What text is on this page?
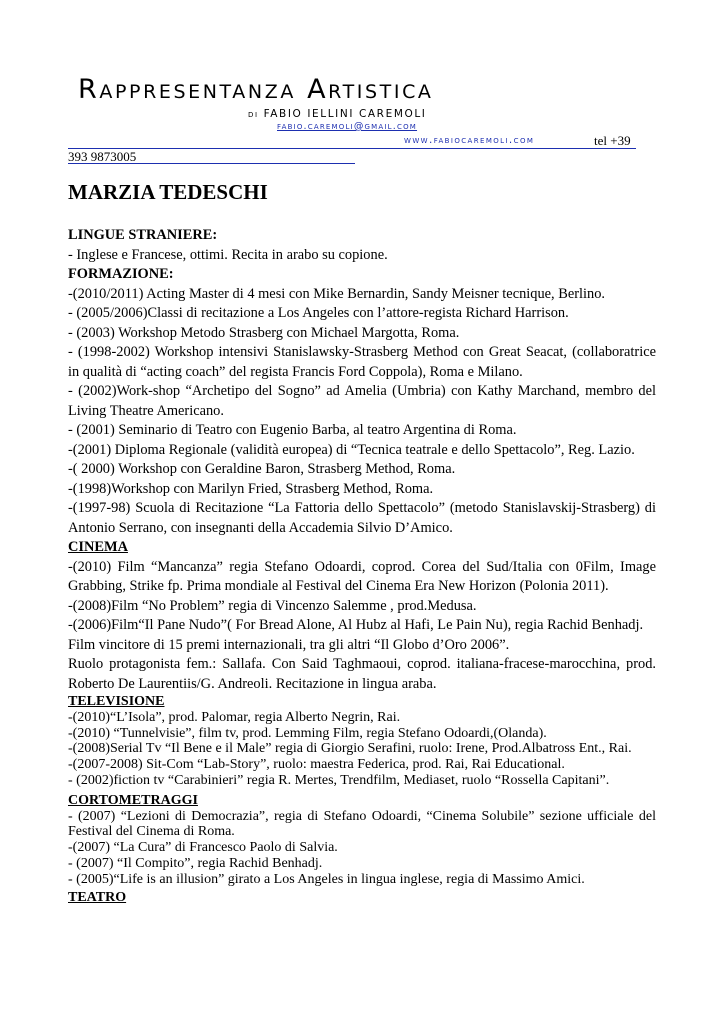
Rappresentanza Artistica
di FABIO IELLINI CAREMOLI
fabio.caremoli@gmail.com
www.fabiocaremoli.com	tel +39
393 9873005
MARZIA TEDESCHI

LINGUE STRANIERE:

- Inglese e Francese, ottimi. Recita in arabo su copione.

FORMAZIONE:

-(2010/2011) Acting Master di 4 mesi con Mike Bernardin, Sandy Meisner tecnique, Berlino.

- (2005/2006)Classi di recitazione a Los Angeles con l’attore-regista Richard Harrison.

- (2003) Workshop Metodo Strasberg con Michael Margotta, Roma.

- (1998-2002) Workshop intensivi Stanislawsky-Strasberg Method con Great Seacat, (collaboratrice in qualità di “acting coach” del regista Francis Ford Coppola), Roma e Milano.

- (2002)Work-shop “Archetipo del Sogno” ad Amelia (Umbria) con Kathy Marchand, membro del Living Theatre Americano.

- (2001) Seminario di Teatro con Eugenio Barba, al teatro Argentina di Roma.

-(2001) Diploma Regionale (validità europea) di “Tecnica teatrale e dello Spettacolo”, Reg. Lazio.

-( 2000) Workshop con Geraldine Baron, Strasberg Method, Roma.

-(1998)Workshop con Marilyn Fried, Strasberg Method, Roma.

-(1997-98) Scuola di Recitazione “La Fattoria dello Spettacolo” (metodo Stanislavskij-Strasberg) di Antonio Serrano, con insegnanti della Accademia Silvio D’Amico.

CINEMA

-(2010) Film “Mancanza” regia Stefano Odoardi, coprod. Corea del Sud/Italia con 0Film, Image Grabbing, Strike fp. Prima mondiale al Festival del Cinema Era New Horizon (Polonia 2011).

-(2008)Film “No Problem” regia di Vincenzo Salemme , prod.Medusa.

-(2006)Film“Il Pane Nudo”( For Bread Alone, Al Hubz al Hafi, Le Pain Nu), regia Rachid Benhadj.

Film vincitore di 15 premi internazionali, tra gli altri “Il Globo d’Oro 2006”.

Ruolo protagonista fem.: Sallafa. Con Said Taghmaoui, coprod. italiana-fracese-marocchina, prod. Roberto De Laurentiis/G. Andreoli. Recitazione in lingua araba.

TELEVISIONE

-(2010)“L’Isola”, prod. Palomar, regia Alberto Negrin, Rai.

-(2010) “Tunnelvisie”, film tv, prod. Lemming Film, regia Stefano Odoardi,(Olanda).

-(2008)Serial Tv “Il Bene e il Male” regia di Giorgio Serafini, ruolo: Irene, Prod.Albatross Ent., Rai.

-(2007-2008) Sit-Com “Lab-Story”, ruolo: maestra Federica, prod. Rai, Rai Educational.

- (2002)fiction tv “Carabinieri” regia R. Mertes, Trendfilm, Mediaset, ruolo “Rossella Capitani”.

CORTOMETRAGGI

- (2007) “Lezioni di Democrazia”, regia di Stefano Odoardi, “Cinema Solubile” sezione ufficiale del Festival del Cinema di Roma.

-(2007) “La Cura” di Francesco Paolo di Salvia.

- (2007) “Il Compito”, regia Rachid Benhadj.

- (2005)“Life is an illusion” girato a Los Angeles in lingua inglese, regia di Massimo Amici.

TEATRO
